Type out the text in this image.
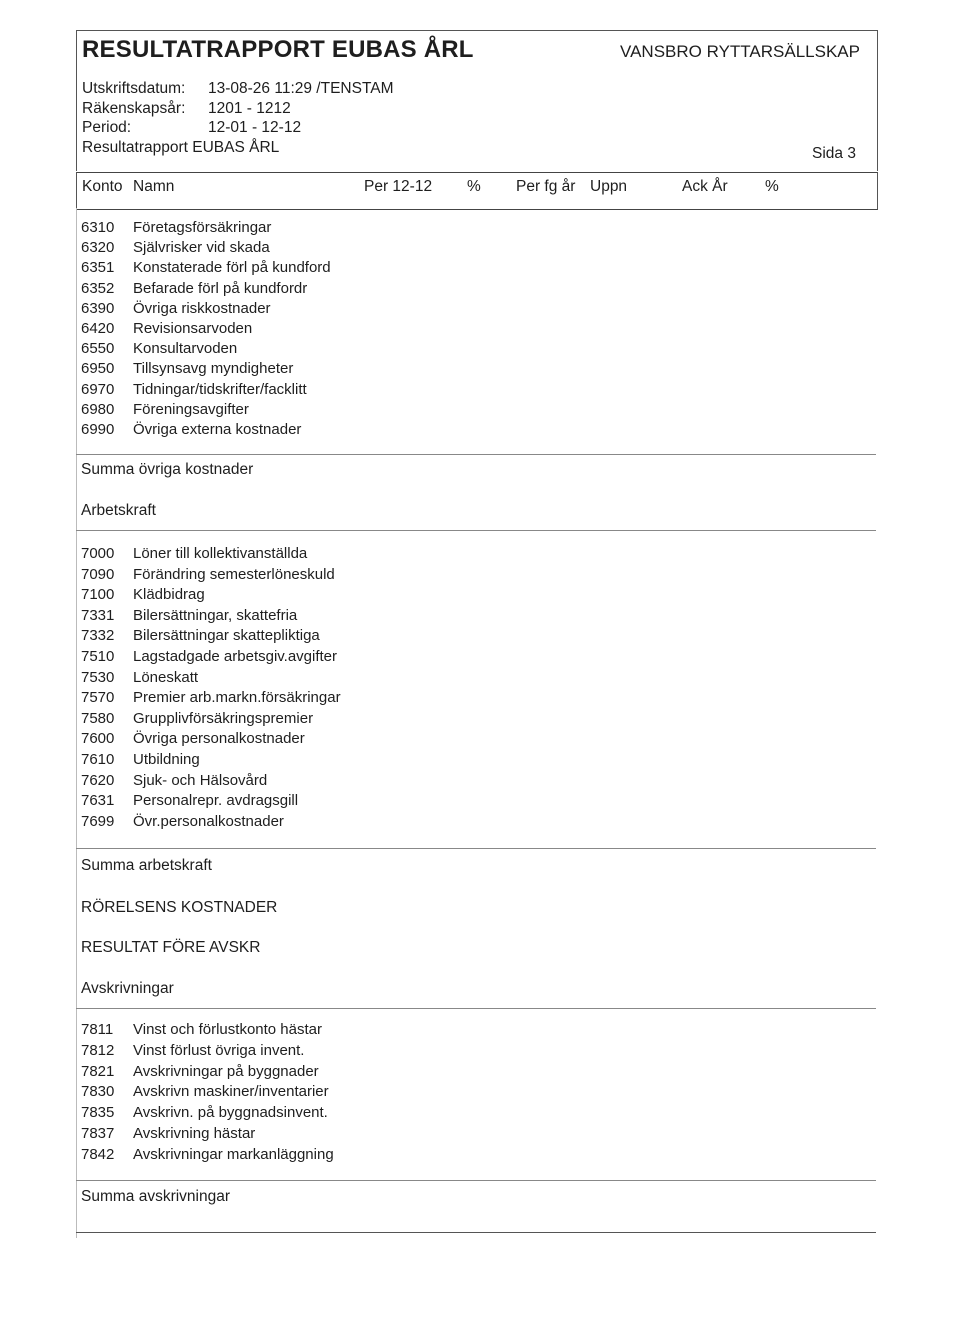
RESULTATRAPPORT EUBAS ÅRL	VANSBRO RYTTARSÄLLSKAP
Utskriftsdatum: 13-08-26 11:29 /TENSTAM
Räkenskapsår: 1201 - 1212
Period:	12-01 - 12-12
Resultatrapport EUBAS ÅRL	Sida 3
Konto Namn	Per 12-12 % Per fg år Uppn	Ack År %
6310 Företagsförsäkringar
6320 Självrisker vid skada
6351 Konstaterade förl på kundford
6352 Befarade förl på kundfordr
6390 Övriga riskkostnader
6420 Revisionsarvoden
6550 Konsultarvoden
6950 Tillsynsavg myndigheter
6970 Tidningar/tidskrifter/facklitt
6980 Föreningsavgifter
6990 Övriga externa kostnader
Summa övriga kostnader
Arbetskraft
7000 Löner till kollektivanställda
7090 Förändring semesterlöneskuld
7100 Klädbidrag
7331 Bilersättningar, skattefria
7332 Bilersättningar skattepliktiga
7510 Lagstadgade arbetsgiv.avgifter
7530 Löneskatt
7570 Premier arb.markn.försäkringar
7580 Grupplivförsäkringspremier
7600 Övriga personalkostnader
7610 Utbildning
7620 Sjuk- och Hälsovård
7631 Personalrepr. avdragsgill
7699 Övr.personalkostnader
Summa arbetskraft
RÖRELSENS KOSTNADER
RESULTAT FÖRE AVSKR
Avskrivningar
7811 Vinst och förlustkonto hästar
7812 Vinst förlust övriga invent.
7821 Avskrivningar på byggnader
7830 Avskrivn maskiner/inventarier
7835 Avskrivn. på byggnadsinvent.
7837 Avskrivning hästar
7842 Avskrivningar markanläggning
Summa avskrivningar
